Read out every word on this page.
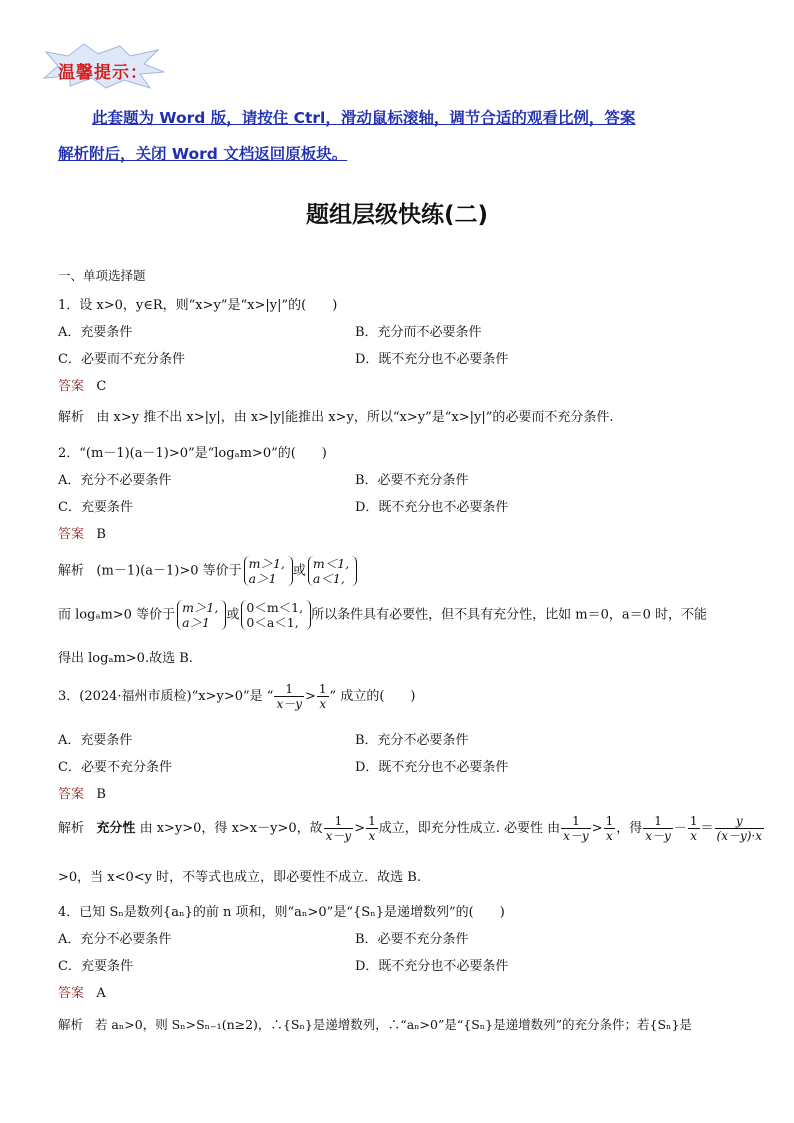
温馨提示：
此套题为 Word 版，请按住 Ctrl，滑动鼠标滚轴，调节合适的观看比例，答案
解析附后，关闭 Word 文档返回原板块。
题组层级快练(二)
一、单项选择题
1．设 x>0，y∈R，则“x>y”是“x>|y|”的(　　)
A．充要条件	B．充分而不必要条件
C．必要而不充分条件	D．既不充分也不必要条件
答案 C
解析 由 x>y 推不出 x>|y|，由 x>|y|能推出 x>y，所以“x>y”是“x>|y|”的必要而不充分条件.
2．“(m－1)(a－1)>0”是“logₐm>0”的(　　)
A．充分不必要条件	B．必要不充分条件
C．充要条件	D．既不充分也不必要条件
答案 B
解析 (m－1)(a－1)>0 等价于 m＞1,
a＞1 或 m＜1,
a＜1,
而 logₐm>0 等价于 m＞1,
a＞1 或 0＜m＜1,
0＜a＜1, 所以条件具有必要性，但不具有充分性，比如 m＝0，a＝0 时，不能
得出 logₐm>0.故选 B.
3．(2024·福州市质检)“x>y>0”是 “ $\frac{1}{x-y} > \frac{1}{x}$ ” 成立的(　　)
A．充要条件	B．充分不必要条件
C．必要不充分条件	D．既不充分也不必要条件
答案 B
解析 充分性 由 x>y>0，得 x>x－y>0，故 $\frac{1}{x-y} > \frac{1}{x}$ 成立，即充分性成立. 必要性 由 $\frac{1}{x-y} > \frac{1}{x}$ ，得 $\frac{1}{x-y} - \frac{1}{x} = \frac{y}{(x-y)\cdot x}$
>0，当 x<0<y 时，不等式也成立，即必要性不成立．故选 B.
4．已知 Sₙ是数列{aₙ}的前 n 项和，则“aₙ>0”是“{Sₙ}是递增数列”的(　　)
A．充分不必要条件	B．必要不充分条件
C．充要条件	D．既不充分也不必要条件
答案 A
解析 若 aₙ>0，则 Sₙ>Sₙ₋₁(n≥2)，∴{Sₙ}是递增数列，∴“aₙ>0”是“{Sₙ}是递增数列”的充分条件；若{Sₙ}是
